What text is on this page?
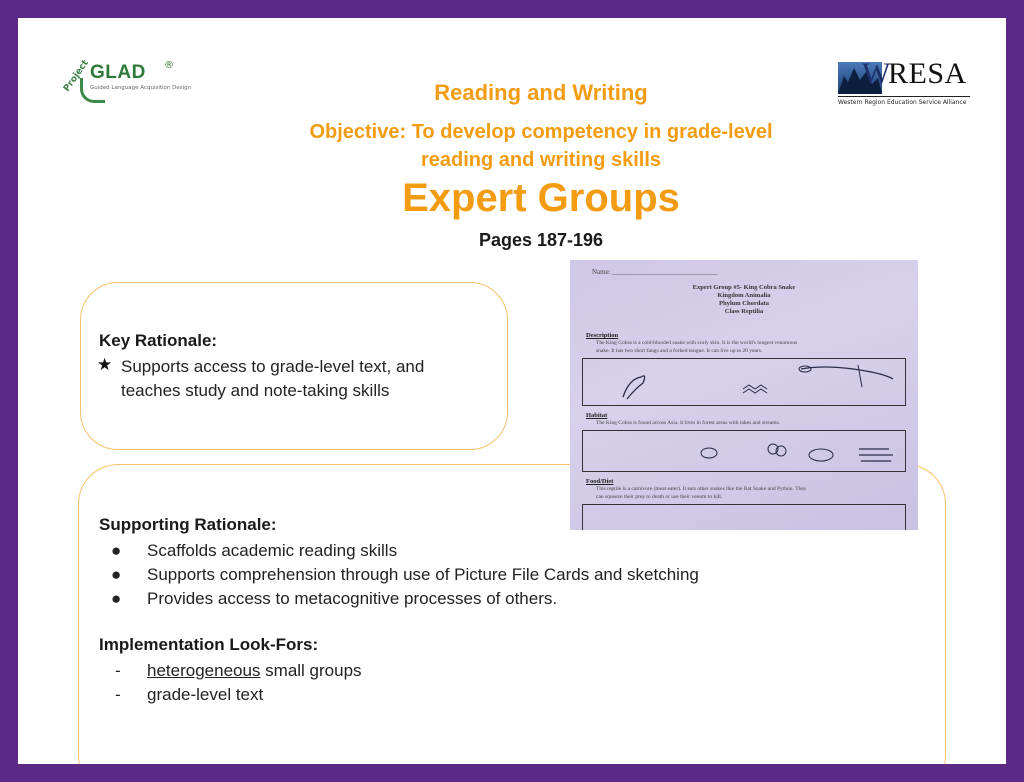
Project GLAD ®
Guided Language Acquisition Design	W
RESA
Western Region Education Service Alliance
Reading and Writing
Objective: To develop competency in grade-level
reading and writing skills
Expert Groups
Pages 187-196
Key Rationale:
★ Supports access to grade-level text, and
teaches study and note-taking skills
Supporting Rationale:
● Scaffolds academic reading skills
● Supports comprehension through use of Picture File Cards and sketching
● Provides access to metacognitive processes of others.
Implementation Look-Fors:
- heterogeneous small groups
- grade-level text
Name: ______________________________
Expert Group #5- King Cobra Snake
Kingdom Animalia
Phylum Chordata
Class Reptilia
Description
The King Cobra is a cold-blooded snake with scaly skin. It is the world's longest venomous
snake. It has two short fangs and a forked tongue. It can live up to 20 years.
Habitat
The King Cobra is found across Asia. It lives in forest areas with lakes and streams.
Food/Diet
This reptile is a carnivore (meat eater). It eats other snakes like the Rat Snake and Python. They
can squeeze their prey to death or use their venom to kill.
